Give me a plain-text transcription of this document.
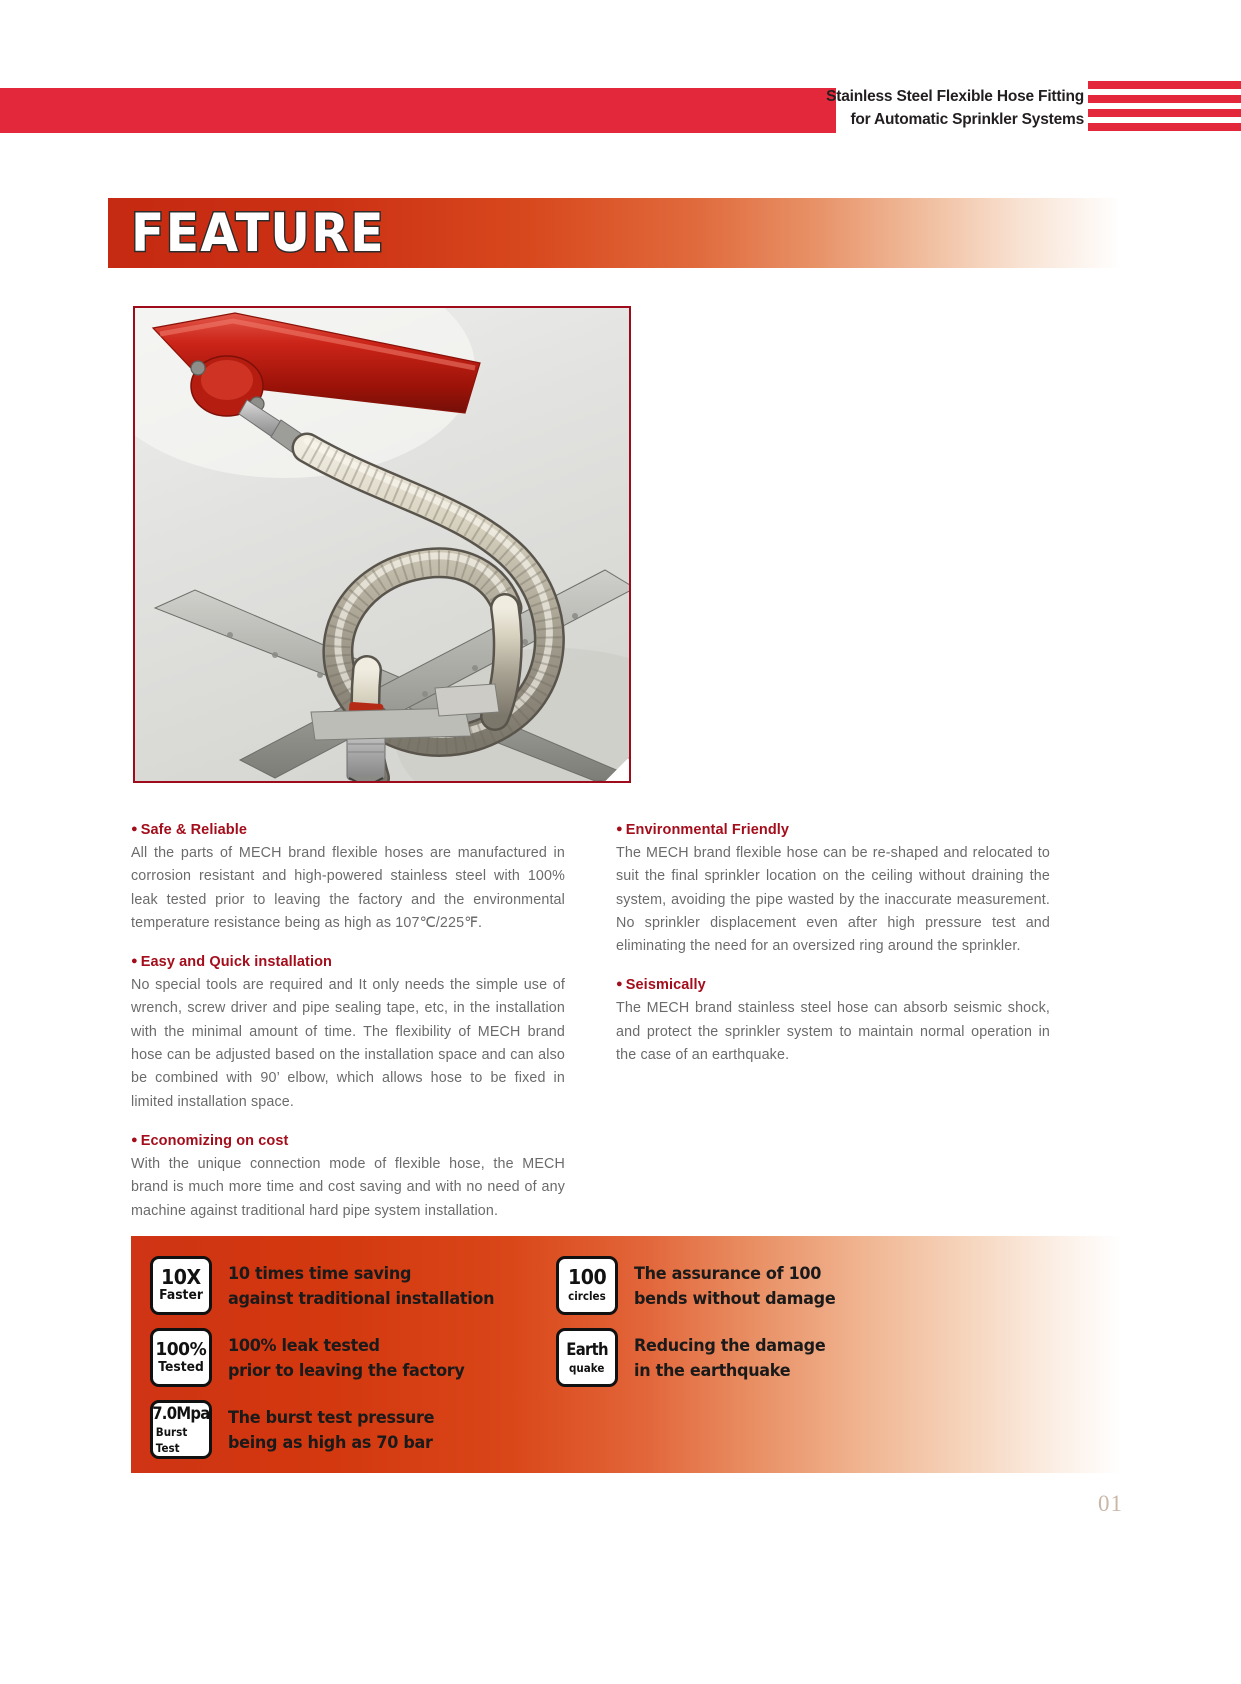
Stainless Steel Flexible Hose Fitting
for Automatic Sprinkler Systems
FEATURE
● Safe & Reliable

All the parts of MECH brand flexible hoses are manufactured in corrosion resistant and high-powered stainless steel with 100% leak tested prior to leaving the factory and the environmental temperature resistance being as high as 107℃/225℉.

● Easy and Quick installation

No special tools are required and It only needs the simple use of wrench, screw driver and pipe sealing tape, etc, in the installation with the minimal amount of time. The flexibility of MECH brand hose can be adjusted based on the installation space and can also be combined with 90’ elbow, which allows hose to be fixed in limited installation space.

● Economizing on cost

With the unique connection mode of flexible hose, the MECH brand is much more time and cost saving and with no need of any machine against traditional hard pipe system installation.

● Environmental Friendly

The MECH brand flexible hose can be re-shaped and relocated to suit the final sprinkler location on the ceiling without draining the system, avoiding the pipe wasted by the inaccurate measurement. No sprinkler displacement even after high pressure test and eliminating the need for an oversized ring around the sprinkler.

● Seismically

The MECH brand stainless steel hose can absorb seismic shock, and protect the sprinkler system to maintain normal operation in the case of an earthquake.

10X
Faster
10 times time saving
against traditional installation
100%
Tested
100% leak tested
prior to leaving the factory
7.0Mpa
Burst Test
The burst test pressure
being as high as 70 bar
100
circles
The assurance of 100
bends without damage
Earth
quake
Reducing the damage
in the earthquake
01
